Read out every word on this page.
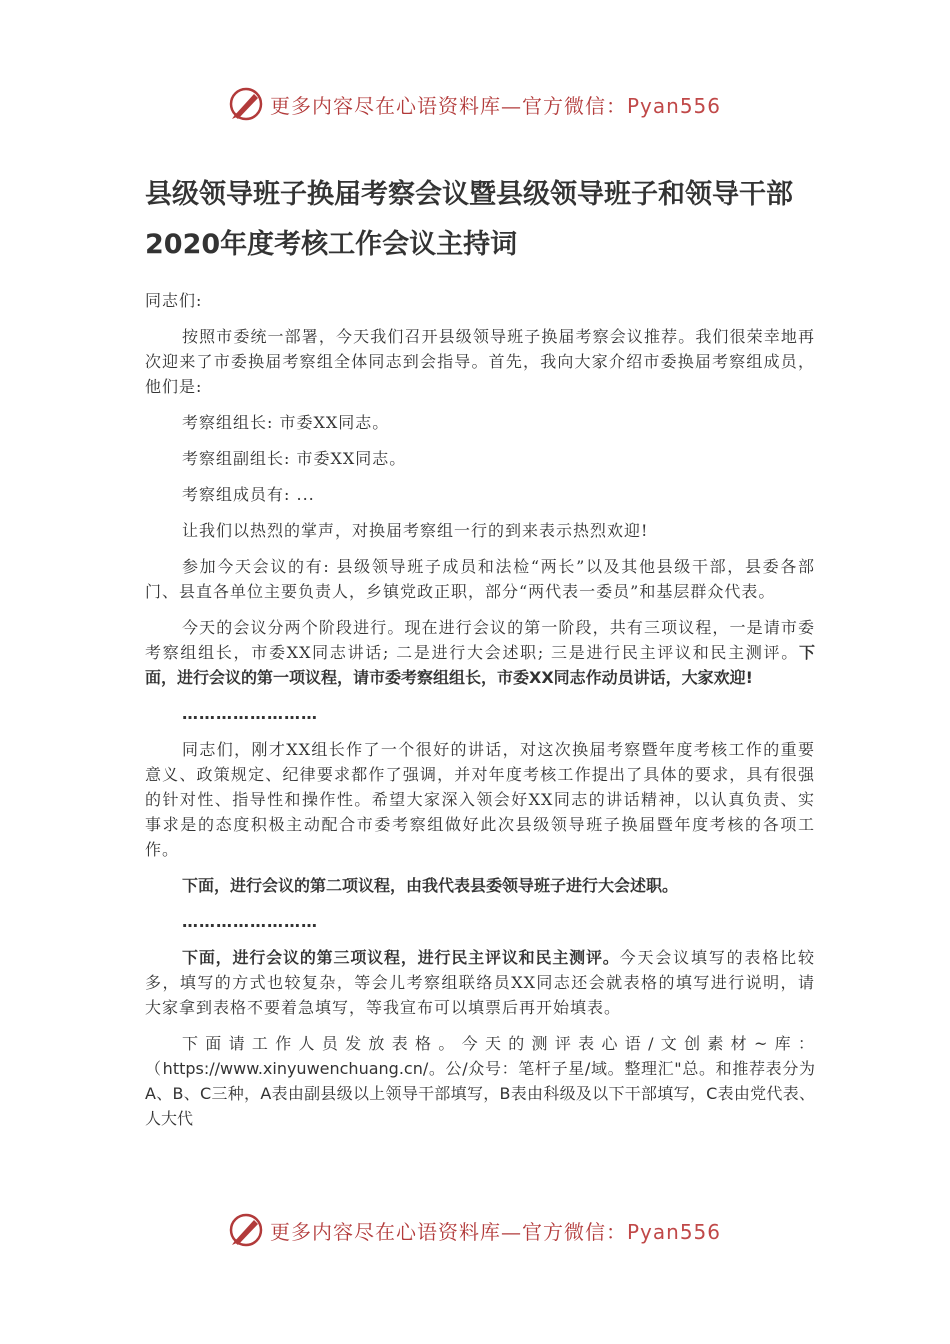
更多内容尽在心语资料库—官方微信：Pyan556
县级领导班子换届考察会议暨县级领导班子和领导干部2020年度考核工作会议主持词

同志们:

按照市委统一部署，今天我们召开县级领导班子换届考察会议推荐。我们很荣幸地再次迎来了市委换届考察组全体同志到会指导。首先，我向大家介绍市委换届考察组成员，他们是:

考察组组长: 市委XX同志。

考察组副组长: 市委XX同志。

考察组成员有: ...

让我们以热烈的掌声，对换届考察组一行的到来表示热烈欢迎!

参加今天会议的有: 县级领导班子成员和法检“两长”以及其他县级干部，县委各部门、县直各单位主要负责人，乡镇党政正职，部分“两代表一委员”和基层群众代表。

今天的会议分两个阶段进行。现在进行会议的第一阶段，共有三项议程，一是请市委考察组组长，市委XX同志讲话; 二是进行大会述职; 三是进行民主评议和民主测评。下面，进行会议的第一项议程，请市委考察组组长，市委XX同志作动员讲话，大家欢迎!

……………………

同志们，刚才XX组长作了一个很好的讲话，对这次换届考察暨年度考核工作的重要意义、政策规定、纪律要求都作了强调，并对年度考核工作提出了具体的要求，具有很强的针对性、指导性和操作性。希望大家深入领会好XX同志的讲话精神，以认真负责、实事求是的态度积极主动配合市委考察组做好此次县级领导班子换届暨年度考核的各项工作。

下面，进行会议的第二项议程，由我代表县委领导班子进行大会述职。

……………………

下面，进行会议的第三项议程，进行民主评议和民主测评。今天会议填写的表格比较多，填写的方式也较复杂，等会儿考察组联络员XX同志还会就表格的填写进行说明，请大家拿到表格不要着急填写，等我宣布可以填票后再开始填表。

下面请工作人员发放表格。今天的测评表心语/文创素材~库：（https://www.xinyuwenchuang.cn/。公/众号：笔杆子星/域。整理汇"总。和推荐表分为A、B、C三种，A表由副县级以上领导干部填写，B表由科级及以下干部填写，C表由党代表、人大代

更多内容尽在心语资料库—官方微信：Pyan556
